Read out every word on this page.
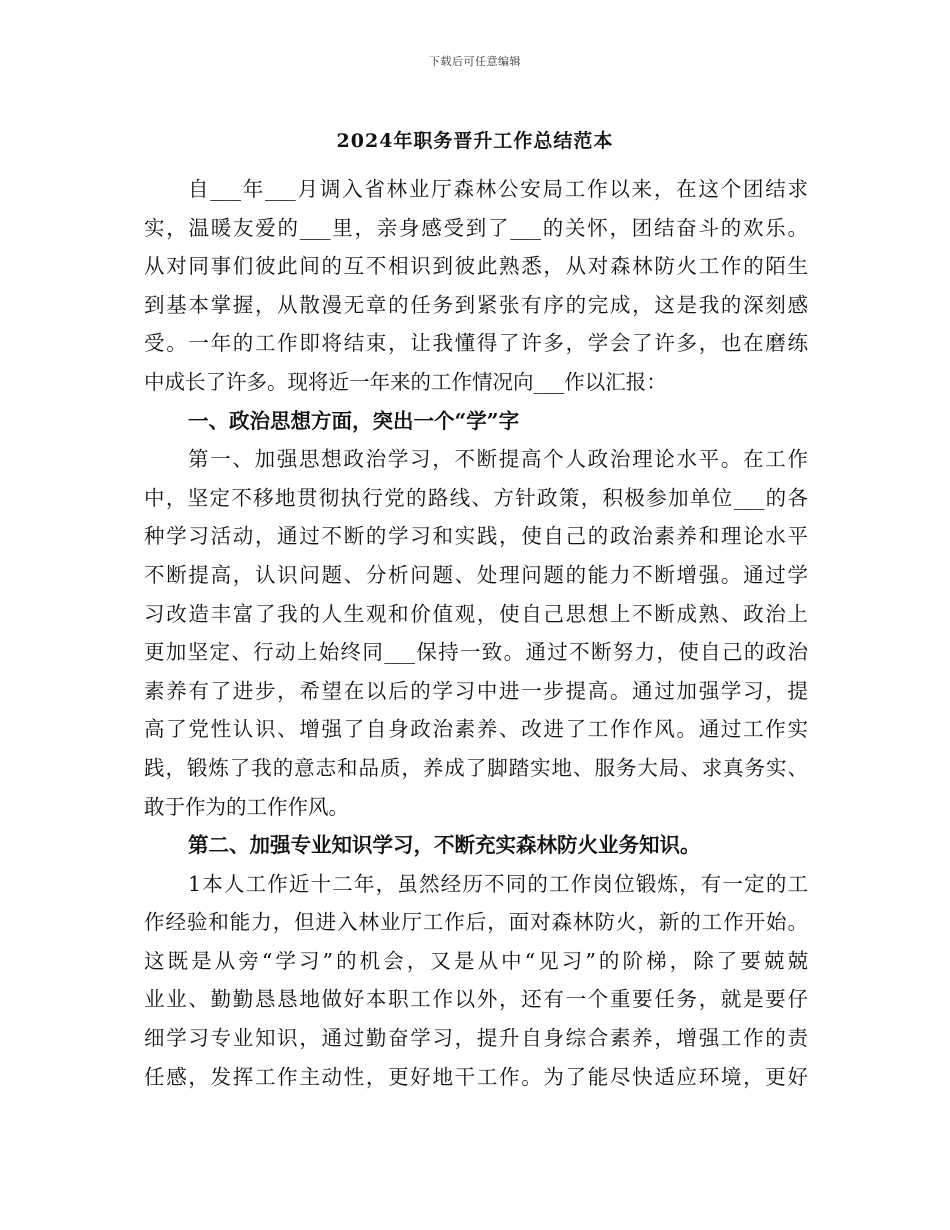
下载后可任意编辑
2024年职务晋升工作总结范本
自___年___月调入省林业厅森林公安局工作以来，在这个团结求
实，温暖友爱的___里，亲身感受到了___的关怀，团结奋斗的欢乐。
从对同事们彼此间的互不相识到彼此熟悉，从对森林防火工作的陌生
到基本掌握，从散漫无章的任务到紧张有序的完成，这是我的深刻感
受。一年的工作即将结束，让我懂得了许多，学会了许多，也在磨练
中成长了许多。现将近一年来的工作情况向___作以汇报：
一、政治思想方面，突出一个“学”字
第一、加强思想政治学习，不断提高个人政治理论水平。在工作
中，坚定不移地贯彻执行党的路线、方针政策，积极参加单位___的各
种学习活动，通过不断的学习和实践，使自己的政治素养和理论水平
不断提高，认识问题、分析问题、处理问题的能力不断增强。通过学
习改造丰富了我的人生观和价值观，使自己思想上不断成熟、政治上
更加坚定、行动上始终同___保持一致。通过不断努力，使自己的政治
素养有了进步，希望在以后的学习中进一步提高。通过加强学习，提
高了党性认识、增强了自身政治素养、改进了工作作风。通过工作实
践，锻炼了我的意志和品质，养成了脚踏实地、服务大局、求真务实、
敢于作为的工作作风。
第二、加强专业知识学习，不断充实森林防火业务知识。
1本人工作近十二年，虽然经历不同的工作岗位锻炼，有一定的工
作经验和能力，但进入林业厅工作后，面对森林防火，新的工作开始。
这既是从旁“学习”的机会，又是从中“见习”的阶梯，除了要兢兢
业业、勤勤恳恳地做好本职工作以外，还有一个重要任务，就是要仔
细学习专业知识，通过勤奋学习，提升自身综合素养，增强工作的责
任感，发挥工作主动性，更好地干工作。为了能尽快适应环境，更好
